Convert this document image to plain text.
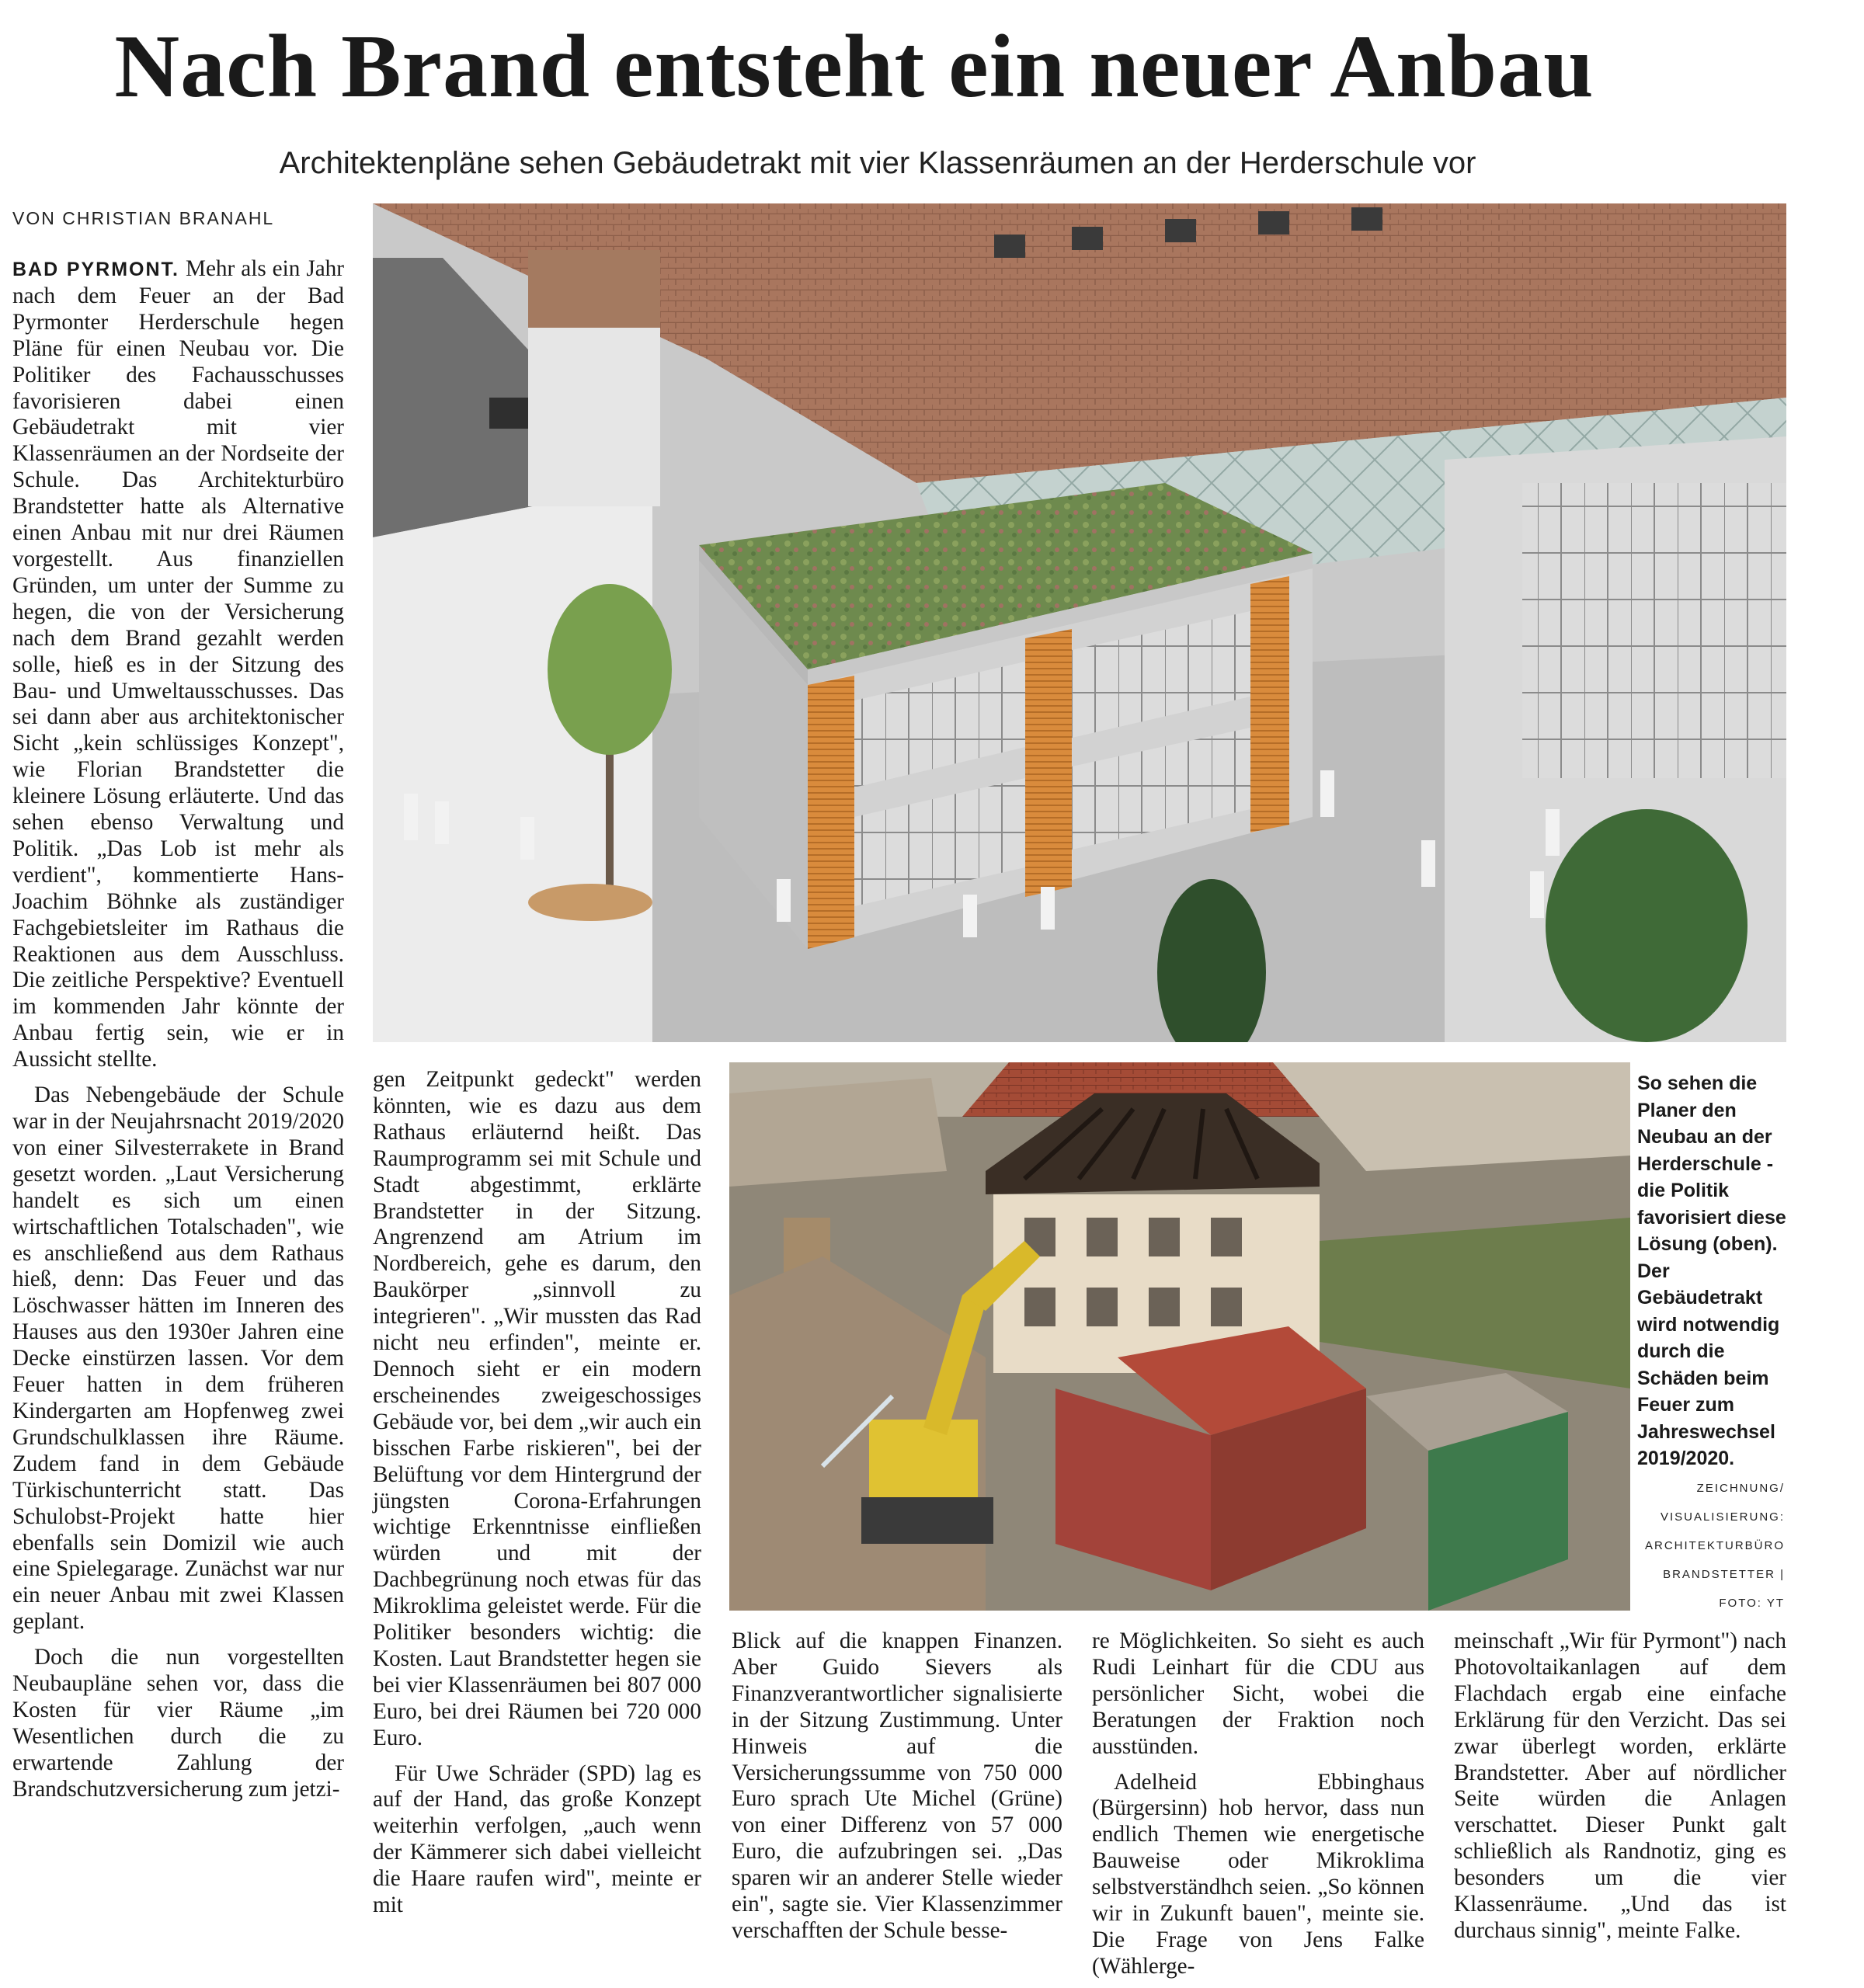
Nach Brand entsteht ein neuer Anbau
Architektenpläne sehen Gebäudetrakt mit vier Klassenräumen an der Herderschule vor
VON CHRISTIAN BRANAHL

BAD PYRMONT. Mehr als ein Jahr nach dem Feuer an der Bad Pyrmonter Herderschule hegen Pläne für einen Neubau vor. Die Politiker des Fachausschusses favorisieren dabei einen Gebäudetrakt mit vier Klassenräumen an der Nordseite der Schule. Das Architekturbüro Brandstetter hatte als Alternative einen Anbau mit nur drei Räumen vorgestellt. Aus finanziellen Gründen, um unter der Summe zu hegen, die von der Versicherung nach dem Brand gezahlt werden solle, hieß es in der Sitzung des Bau- und Umweltausschusses. Das sei dann aber aus architektonischer Sicht „kein schlüssiges Konzept", wie Florian Brandstetter die kleinere Lösung erläuterte. Und das sehen ebenso Verwaltung und Politik. „Das Lob ist mehr als verdient", kommentierte Hans-Joachim Böhnke als zuständiger Fachgebietsleiter im Rathaus die Reaktionen aus dem Ausschluss. Die zeitliche Perspektive? Eventuell im kommenden Jahr könnte der Anbau fertig sein, wie er in Aussicht stellte.

Das Nebengebäude der Schule war in der Neujahrsnacht 2019/2020 von einer Silvesterrakete in Brand gesetzt worden. „Laut Versicherung handelt es sich um einen wirtschaftlichen Totalschaden", wie es anschließend aus dem Rathaus hieß, denn: Das Feuer und das Löschwasser hätten im Inneren des Hauses aus den 1930er Jahren eine Decke einstürzen lassen. Vor dem Feuer hatten in dem früheren Kindergarten am Hopfenweg zwei Grundschulklassen ihre Räume. Zudem fand in dem Gebäude Türkischunterricht statt. Das Schulobst-Projekt hatte hier ebenfalls sein Domizil wie auch eine Spielegarage. Zunächst war nur ein neuer Anbau mit zwei Klassen geplant.

Doch die nun vorgestellten Neubaupläne sehen vor, dass die Kosten für vier Räume „im Wesentlichen durch die zu erwartende Zahlung der Brandschutzversicherung zum jetzi-

So sehen die Planer den Neubau an der Herderschule - die Politik favorisiert diese Lösung (oben). Der Gebäudetrakt wird notwendig durch die Schäden beim Feuer zum Jahreswechsel 2019/2020.
ZEICHNUNG/ VISUALISIERUNG: ARCHITEKTURBÜRO BRANDSTETTER | FOTO: YT

gen Zeitpunkt gedeckt" werden könnten, wie es dazu aus dem Rathaus erläuternd heißt. Das Raumprogramm sei mit Schule und Stadt abgestimmt, erklärte Brandstetter in der Sitzung. Angrenzend am Atrium im Nordbereich, gehe es darum, den Baukörper „sinnvoll zu integrieren". „Wir mussten das Rad nicht neu erfinden", meinte er. Dennoch sieht er ein modern erscheinendes zweigeschossiges Gebäude vor, bei dem „wir auch ein bisschen Farbe riskieren", bei der Belüftung vor dem Hintergrund der jüngsten Corona-Erfahrungen wichtige Erkenntnisse einfließen würden und mit der Dachbegrünung noch etwas für das Mikroklima geleistet werde. Für die Politiker besonders wichtig: die Kosten. Laut Brandstetter hegen sie bei vier Klassenräumen bei 807 000 Euro, bei drei Räumen bei 720 000 Euro.

Für Uwe Schräder (SPD) lag es auf der Hand, das große Konzept weiterhin verfolgen, „auch wenn der Kämmerer sich dabei vielleicht die Haare raufen wird", meinte er mit

Blick auf die knappen Finanzen. Aber Guido Sievers als Finanzverantwortlicher signalisierte in der Sitzung Zustimmung. Unter Hinweis auf die Versicherungssumme von 750 000 Euro sprach Ute Michel (Grüne) von einer Differenz von 57 000 Euro, die aufzubringen sei. „Das sparen wir an anderer Stelle wieder ein", sagte sie. Vier Klassenzimmer verschafften der Schule besse-

re Möglichkeiten. So sieht es auch Rudi Leinhart für die CDU aus persönlicher Sicht, wobei die Beratungen der Fraktion noch ausstünden.

Adelheid Ebbinghaus (Bürgersinn) hob hervor, dass nun endlich Themen wie energetische Bauweise oder Mikroklima selbstverständhch seien. „So können wir in Zukunft bauen", meinte sie. Die Frage von Jens Falke (Wählerge-

meinschaft „Wir für Pyrmont") nach Photovoltaikanlagen auf dem Flachdach ergab eine einfache Erklärung für den Verzicht. Das sei zwar überlegt worden, erklärte Brandstetter. Aber auf nördlicher Seite würden die Anlagen verschattet. Dieser Punkt galt schließlich als Randnotiz, ging es besonders um die vier Klassenräume. „Und das ist durchaus sinnig", meinte Falke.
